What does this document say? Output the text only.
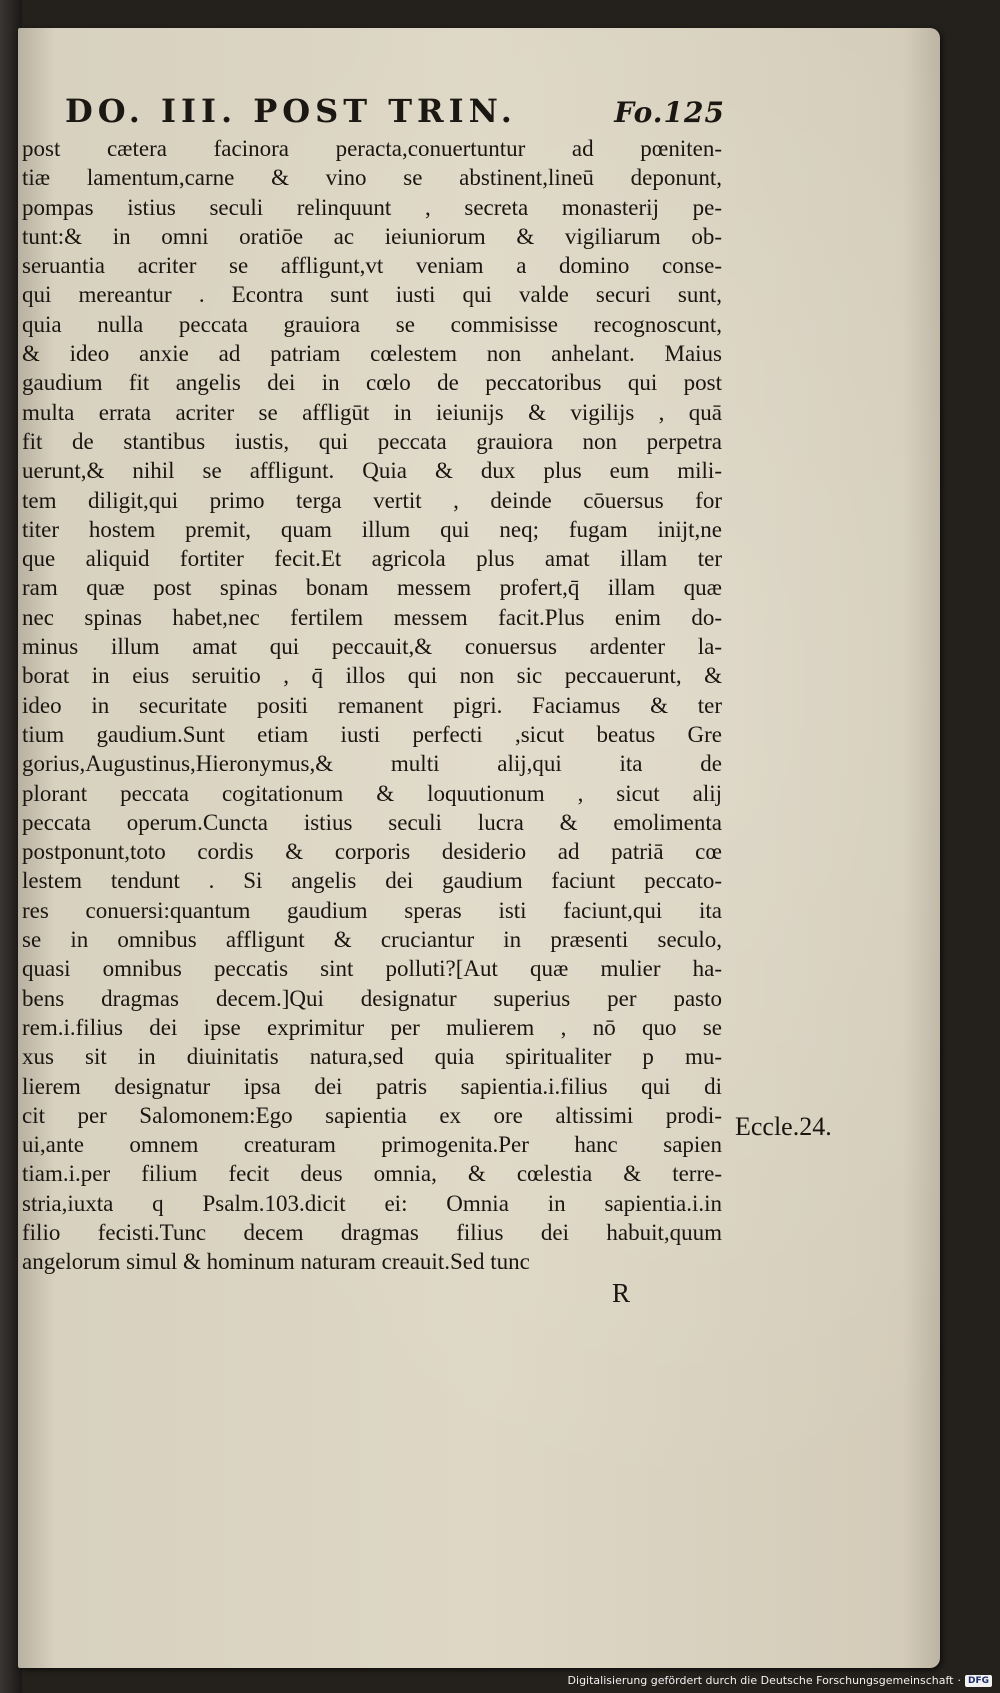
DO. III. POST TRIN.	Fo.125
post cætera facinora peracta,conuertuntur ad pœniten-
tiæ lamentum,carne & vino se abstinent,lineū deponunt,
pompas istius seculi relinquunt , secreta monasterij pe-
tunt:& in omni oratiōe ac ieiuniorum & vigiliarum ob-
seruantia acriter se affligunt,vt veniam a domino conse-
qui mereantur . Econtra sunt iusti qui valde securi sunt,
quia nulla peccata grauiora se commisisse recognoscunt,
& ideo anxie ad patriam cœlestem non anhelant. Maius
gaudium fit angelis dei in cœlo de peccatoribus qui post
multa errata acriter se affligūt in ieiunijs & vigilijs , quā
fit de stantibus iustis, qui peccata grauiora non perpetra
uerunt,& nihil se affligunt. Quia & dux plus eum mili-
tem diligit,qui primo terga vertit , deinde cōuersus for
titer hostem premit, quam illum qui neq; fugam inijt,ne
que aliquid fortiter fecit.Et agricola plus amat illam ter
ram quæ post spinas bonam messem profert,q̄ illam quæ
nec spinas habet,nec fertilem messem facit.Plus enim do-
minus illum amat qui peccauit,& conuersus ardenter la-
borat in eius seruitio , q̄ illos qui non sic peccauerunt, &
ideo in securitate positi remanent pigri. Faciamus & ter
tium gaudium.Sunt etiam iusti perfecti ,sicut beatus Gre
gorius,Augustinus,Hieronymus,& multi alij,qui ita de
plorant peccata cogitationum & loquutionum , sicut alij
peccata operum.Cuncta istius seculi lucra & emolimenta
postponunt,toto cordis & corporis desiderio ad patriā cœ
lestem tendunt . Si angelis dei gaudium faciunt peccato-
res conuersi:quantum gaudium speras isti faciunt,qui ita
se in omnibus affligunt & cruciantur in præsenti seculo,
quasi omnibus peccatis sint polluti?[Aut quæ mulier ha-
bens dragmas decem.]Qui designatur superius per pasto
rem.i.filius dei ipse exprimitur per mulierem , nō quo se
xus sit in diuinitatis natura,sed quia spiritualiter p mu-
lierem designatur ipsa dei patris sapientia.i.filius qui di
cit per Salomonem:Ego sapientia ex ore altissimi prodi-
ui,ante omnem creaturam primogenita.Per hanc sapien
tiam.i.per filium fecit deus omnia, & cœlestia & terre-
stria,iuxta q Psalm.103.dicit ei: Omnia in sapientia.i.in
filio fecisti.Tunc decem dragmas filius dei habuit,quum
angelorum simul & hominum naturam creauit.Sed tunc
Eccle.24.
R
Digitalisierung gefördert durch die Deutsche Forschungsgemeinschaft · DFG
